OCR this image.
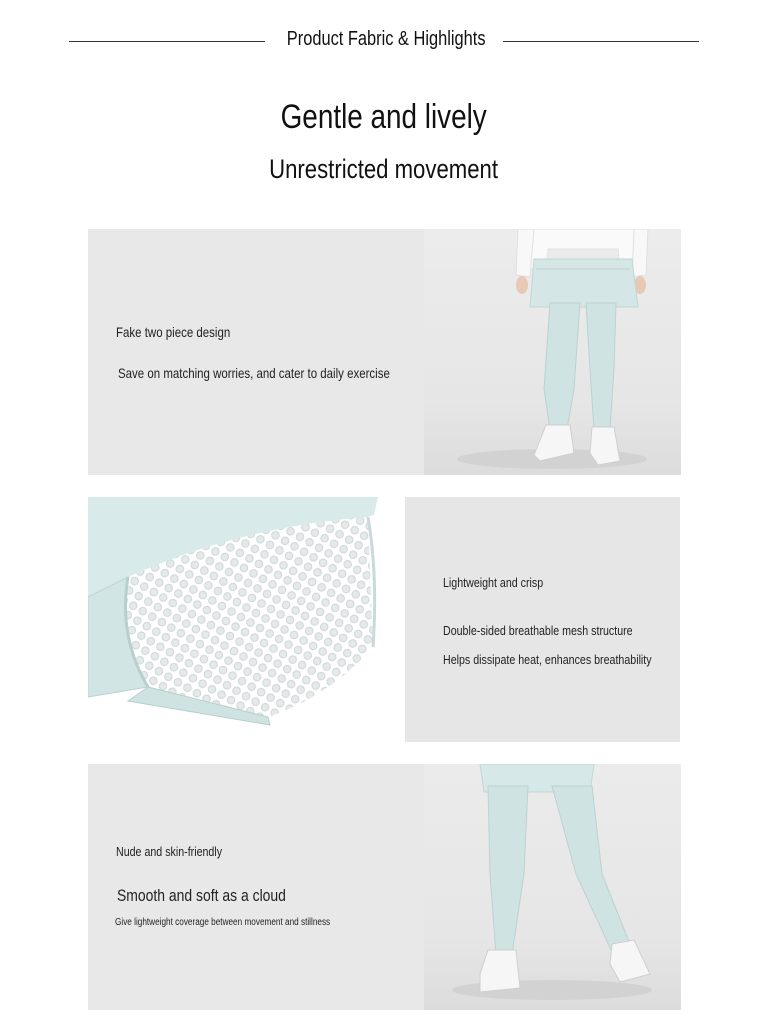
Product Fabric & Highlights
Gentle and lively
Unrestricted movement
Fake two piece design
Save on matching worries, and cater to daily exercise
Lightweight and crisp
Double-sided breathable mesh structure
Helps dissipate heat, enhances breathability
Nude and skin-friendly
Smooth and soft as a cloud
Give lightweight coverage between movement and stillness
